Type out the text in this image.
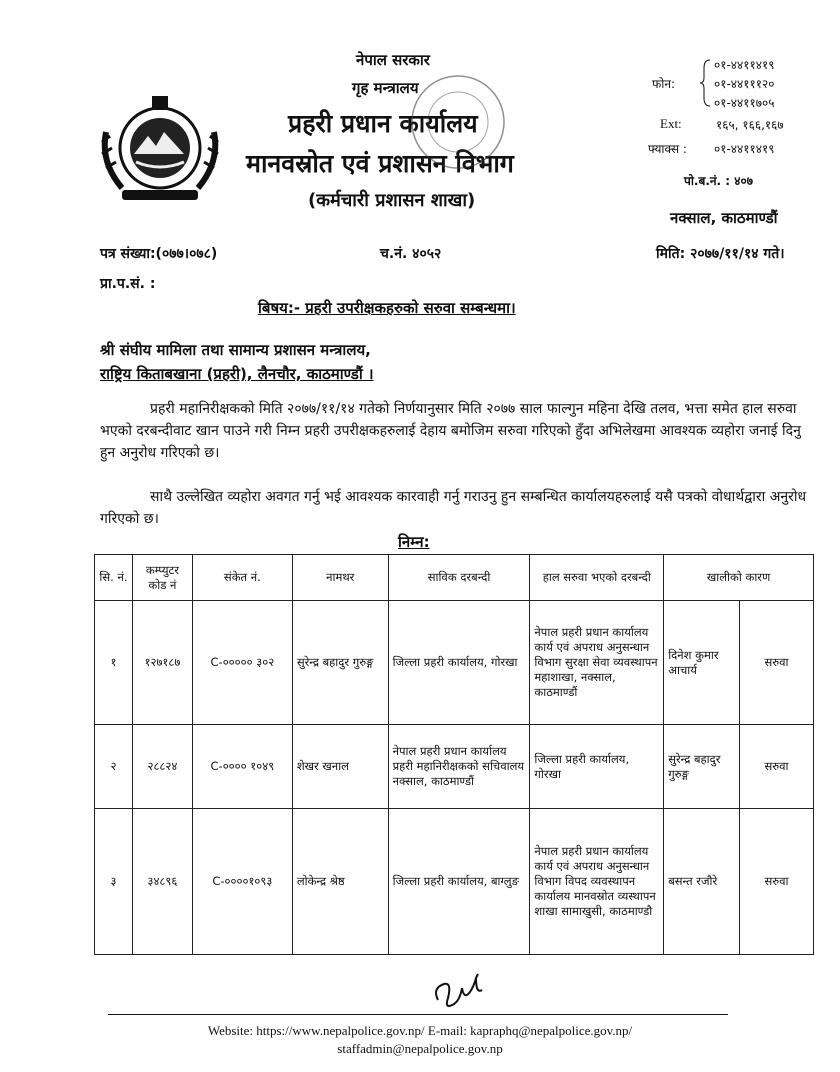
नेपाल सरकार
गृह मन्त्रालय
प्रहरी प्रधान कार्यालय
मानवस्रोत एवं प्रशासन विभाग
(कर्मचारी प्रशासन शाखा)
फोन:
०१-४४११४१९
०१-४४१११२०
०१-४४११७०५
Ext:	१६५, १६६,१६७
फ्याक्स : ०१-४४११४१९
पो.ब.नं. : ४०७
नक्साल, काठमाण्डौं
पत्र संख्या:(०७७।०७८)	च.नं. ४०५२	मिति: २०७७/११/१४ गते।
प्रा.प.सं. :
बिषय:- प्रहरी उपरीक्षकहरुको सरुवा सम्बन्धमा।
श्री संघीय मामिला तथा सामान्य प्रशासन मन्त्रालय,
राष्ट्रिय किताबखाना (प्रहरी), लैनचौर, काठमाण्डौं ।
प्रहरी महानिरीक्षकको मिति २०७७/११/१४ गतेको निर्णयानुसार मिति २०७७ साल फाल्गुन महिना देखि तलव, भत्ता समेत हाल सरुवा भएको दरबन्दीवाट खान पाउने गरी निम्न प्रहरी उपरीक्षकहरुलाई देहाय बमोजिम सरुवा गरिएको हुँदा अभिलेखमा आवश्यक व्यहोरा जनाई दिनु हुन अनुरोध गरिएको छ।
साथै उल्लेखित व्यहोरा अवगत गर्नु भई आवश्यक कारवाही गर्नु गराउनु हुन सम्बन्धित कार्यालयहरुलाई यसै पत्रको वोधार्थद्वारा अनुरोध गरिएको छ।
निम्न:
सि. नं.	कम्प्युटर कोड नं	संकेत नं.	नामथर	साविक दरबन्दी	हाल सरुवा भएको दरबन्दी	खालीको कारण	
१	१२७१८७	C-००००० ३०२	सुरेन्द्र बहादुर गुरुङ्ग	जिल्ला प्रहरी कार्यालय, गोरखा	नेपाल प्रहरी प्रधान कार्यालय कार्य एवं अपराध अनुसन्धान विभाग सुरक्षा सेवा व्यवस्थापन महाशाखा, नक्साल, काठमाण्डौं	दिनेश कुमार आचार्य	सरुवा
२	२८८२४	C-०००० १०४९	शेखर खनाल	नेपाल प्रहरी प्रधान कार्यालय प्रहरी महानिरीक्षकको सचिवालय नक्साल, काठमाण्डौं	जिल्ला प्रहरी कार्यालय, गोरखा	सुरेन्द्र बहादुर गुरुङ्ग	सरुवा
३	३४८९६	C-००००१०९३	लोकेन्द्र श्रेष्ठ	जिल्ला प्रहरी कार्यालय, बाग्लुङ	नेपाल प्रहरी प्रधान कार्यालय कार्य एवं अपराध अनुसन्धान विभाग विपद व्यवस्थापन कार्यालय मानवस्रोत व्यस्थापन शाखा सामाखुसी, काठमाण्डौ	बसन्त रजौरे	सरुवा
Website: https://www.nepalpolice.gov.np/ E-mail: kapraphq@nepalpolice.gov.np/
staffadmin@nepalpolice.gov.np
